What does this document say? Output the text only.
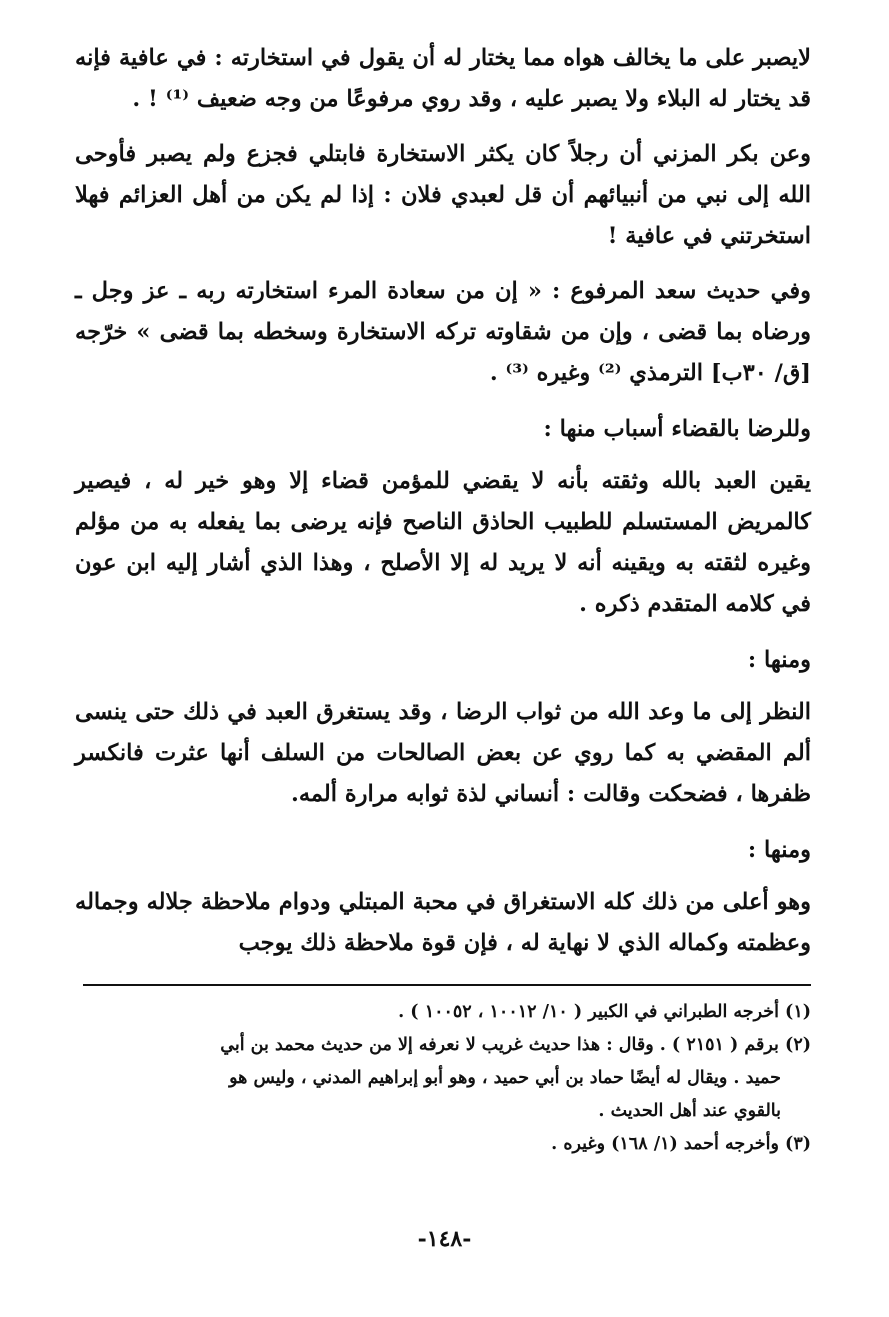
لايصبر على ما يخالف هواه مما يختار له أن يقول في استخارته : في عافية فإنه قد يختار له البلاء ولا يصبر عليه ، وقد روي مرفوعًا من وجه ضعيف ⁽¹⁾ ! .

وعن بكر المزني أن رجلاً كان يكثر الاستخارة فابتلي فجزع ولم يصبر فأوحى الله إلى نبي من أنبيائهم أن قل لعبدي فلان : إذا لم يكن من أهل العزائم فهلا استخرتني في عافية !

وفي حديث سعد المرفوع : « إن من سعادة المرء استخارته ربه ـ عز وجل ـ ورضاه بما قضى ، وإن من شقاوته تركه الاستخارة وسخطه بما قضى » خرّجه [ق/ ٣٠ب] الترمذي ⁽²⁾ وغيره ⁽³⁾ .

وللرضا بالقضاء أسباب منها :

يقين العبد بالله وثقته بأنه لا يقضي للمؤمن قضاء إلا وهو خير له ، فيصير كالمريض المستسلم للطبيب الحاذق الناصح فإنه يرضى بما يفعله به من مؤلم وغيره لثقته به ويقينه أنه لا يريد له إلا الأصلح ، وهذا الذي أشار إليه ابن عون في كلامه المتقدم ذكره .

ومنها :

النظر إلى ما وعد الله من ثواب الرضا ، وقد يستغرق العبد في ذلك حتى ينسى ألم المقضي به كما روي عن بعض الصالحات من السلف أنها عثرت فانكسر ظفرها ، فضحكت وقالت : أنساني لذة ثوابه مرارة ألمه.

ومنها :

وهو أعلى من ذلك كله الاستغراق في محبة المبتلي ودوام ملاحظة جلاله وجماله وعظمته وكماله الذي لا نهاية له ، فإن قوة ملاحظة ذلك يوجب

(١) أخرجه الطبراني في الكبير ( ١٠/ ١٠٠١٢ ، ١٠٠٥٢ ) .

(٢) برقم ( ٢١٥١ ) . وقال : هذا حديث غريب لا نعرفه إلا من حديث محمد بن أبي

حميد . ويقال له أيضًا حماد بن أبي حميد ، وهو أبو إبراهيم المدني ، وليس هو

بالقوي عند أهل الحديث .

(٣) وأخرجه أحمد (١/ ١٦٨) وغيره .

-١٤٨-
